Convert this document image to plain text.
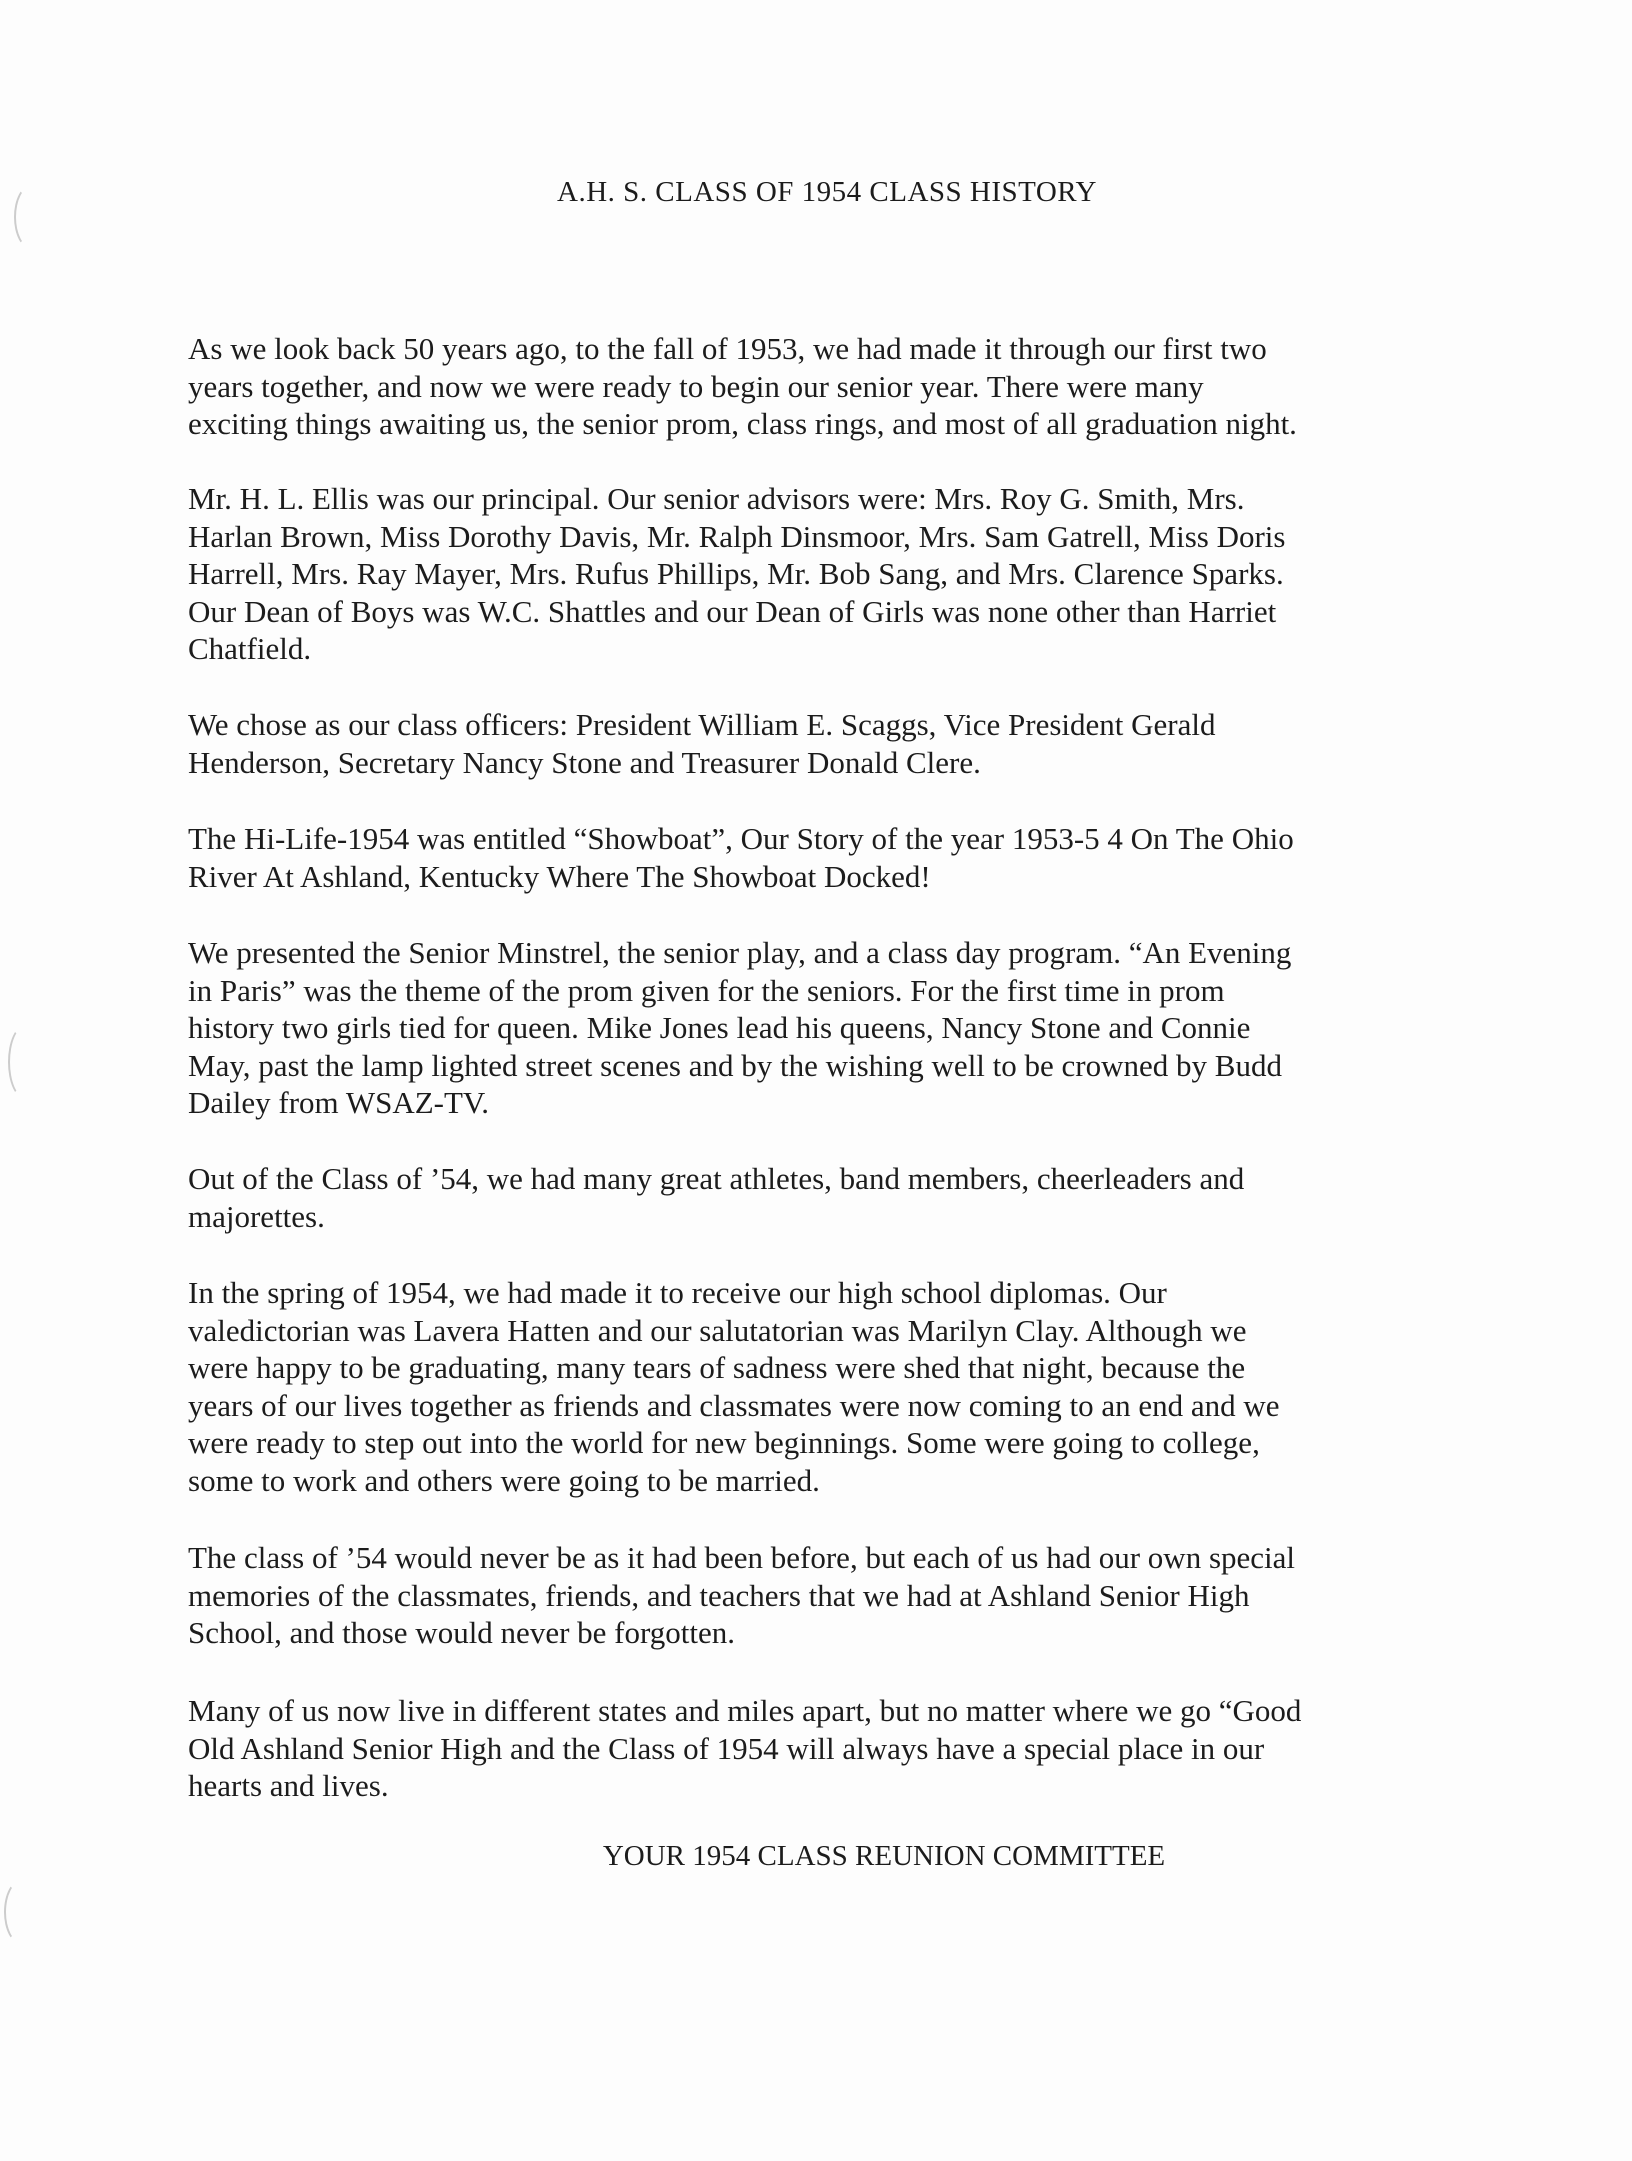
A.H. S. CLASS OF 1954 CLASS HISTORY
As we look back 50 years ago, to the fall of 1953, we had made it through our first two
years together, and now we were ready to begin our senior year. There were many
exciting things awaiting us, the senior prom, class rings, and most of all graduation night.
Mr. H. L. Ellis was our principal. Our senior advisors were: Mrs. Roy G. Smith, Mrs.
Harlan Brown, Miss Dorothy Davis, Mr. Ralph Dinsmoor, Mrs. Sam Gatrell, Miss Doris
Harrell, Mrs. Ray Mayer, Mrs. Rufus Phillips, Mr. Bob Sang, and Mrs. Clarence Sparks.
Our Dean of Boys was W.C. Shattles and our Dean of Girls was none other than Harriet
Chatfield.
We chose as our class officers: President William E. Scaggs, Vice President Gerald
Henderson, Secretary Nancy Stone and Treasurer Donald Clere.
The Hi-Life-1954 was entitled “Showboat”, Our Story of the year 1953-5 4 On The Ohio
River At Ashland, Kentucky Where The Showboat Docked!
We presented the Senior Minstrel, the senior play, and a class day program. “An Evening
in Paris” was the theme of the prom given for the seniors. For the first time in prom
history two girls tied for queen. Mike Jones lead his queens, Nancy Stone and Connie
May, past the lamp lighted street scenes and by the wishing well to be crowned by Budd
Dailey from WSAZ-TV.
Out of the Class of ’54, we had many great athletes, band members, cheerleaders and
majorettes.
In the spring of 1954, we had made it to receive our high school diplomas. Our
valedictorian was Lavera Hatten and our salutatorian was Marilyn Clay. Although we
were happy to be graduating, many tears of sadness were shed that night, because the
years of our lives together as friends and classmates were now coming to an end and we
were ready to step out into the world for new beginnings. Some were going to college,
some to work and others were going to be married.
The class of ’54 would never be as it had been before, but each of us had our own special
memories of the classmates, friends, and teachers that we had at Ashland Senior High
School, and those would never be forgotten.
Many of us now live in different states and miles apart, but no matter where we go “Good
Old Ashland Senior High and the Class of 1954 will always have a special place in our
hearts and lives.
YOUR 1954 CLASS REUNION COMMITTEE
